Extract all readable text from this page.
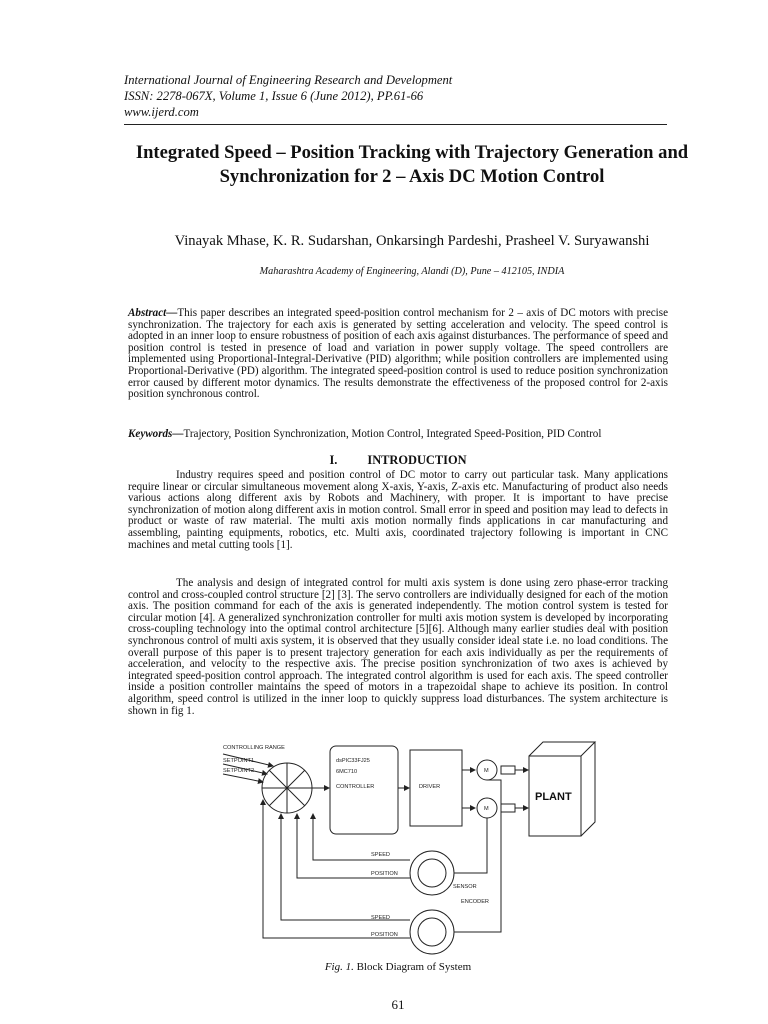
International Journal of Engineering Research and Development
ISSN: 2278-067X, Volume 1, Issue 6 (June 2012), PP.61-66
www.ijerd.com
Integrated Speed – Position Tracking with Trajectory Generation and Synchronization for 2 – Axis DC Motion Control
Vinayak Mhase, K. R. Sudarshan, Onkarsingh Pardeshi, Prasheel V. Suryawanshi
Maharashtra Academy of Engineering, Alandi (D), Pune – 412105, INDIA
Abstract—This paper describes an integrated speed-position control mechanism for 2 – axis of DC motors with precise synchronization. The trajectory for each axis is generated by setting acceleration and velocity. The speed control is adopted in an inner loop to ensure robustness of position of each axis against disturbances. The performance of speed and position control is tested in presence of load and variation in power supply voltage. The speed controllers are implemented using Proportional-Integral-Derivative (PID) algorithm; while position controllers are implemented using Proportional-Derivative (PD) algorithm. The integrated speed-position control is used to reduce position synchronization error caused by different motor dynamics. The results demonstrate the effectiveness of the proposed control for 2-axis position synchronous control.
Keywords—Trajectory, Position Synchronization, Motion Control, Integrated Speed-Position, PID Control
I. INTRODUCTION
Industry requires speed and position control of DC motor to carry out particular task. Many applications require linear or circular simultaneous movement along X-axis, Y-axis, Z-axis etc. Manufacturing of product also needs various actions along different axis by Robots and Machinery, with proper. It is important to have precise synchronization of motion along different axis in motion control. Small error in speed and position may lead to defects in product or waste of raw material. The multi axis motion normally finds applications in car manufacturing and assembling, painting equipments, robotics, etc. Multi axis, coordinated trajectory following is important in CNC machines and metal cutting tools [1].
The analysis and design of integrated control for multi axis system is done using zero phase-error tracking control and cross-coupled control structure [2] [3]. The servo controllers are individually designed for each of the motion axis. The position command for each of the axis is generated independently. The motion control system is tested for circular motion [4]. A generalized synchronization controller for multi axis motion system is developed by incorporating cross-coupling technology into the optimal control architecture [5][6]. Although many earlier studies deal with position synchronous control of multi axis system, it is observed that they usually consider ideal state i.e. no load conditions. The overall purpose of this paper is to present trajectory generation for each axis individually as per the requirements of acceleration, and velocity to the respective axis. The precise position synchronization of two axes is achieved by integrated speed-position control approach. The integrated control algorithm is used for each axis. The speed controller inside a position controller maintains the speed of motors in a trapezoidal shape to achieve its position. In control algorithm, speed control is utilized in the inner loop to quickly suppress load disturbances. The system architecture is shown in fig 1.
CONTROLLING RANGE
SETPOINT1
SETPOINT2
dsPIC33FJ25
6MC710
CONTROLLER	DRIVER
M
M
SPEED
POSITION
SENSOR
ENCODER
SPEED
POSITION
PLANT
Fig. 1. Block Diagram of System
61
